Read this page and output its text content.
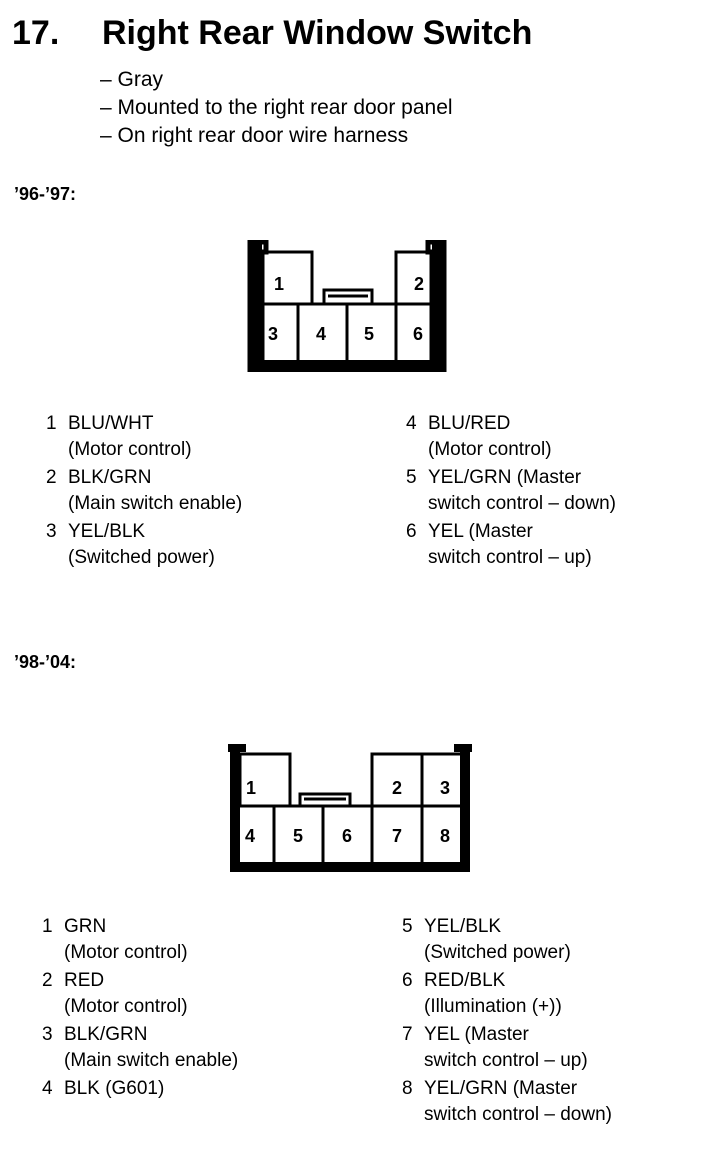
17. Right Rear Window Switch
– Gray
– Mounted to the right rear door panel
– On right rear door wire harness
’96-’97:
1	2
3 4 5 6
1 BLU/WHT
(Motor control)
2 BLK/GRN
(Main switch enable)
3 YEL/BLK
(Switched power)
4 BLU/RED
(Motor control)
5 YEL/GRN (Master
switch control – down)
6 YEL (Master
switch control – up)
’98-’04:
1	2 3
4 5 6 7 8
1 GRN
(Motor control)
2 RED
(Motor control)
3 BLK/GRN
(Main switch enable)
4 BLK (G601)
5 YEL/BLK
(Switched power)
6 RED/BLK
(Illumination (+))
7 YEL (Master
switch control – up)
8 YEL/GRN (Master
switch control – down)
